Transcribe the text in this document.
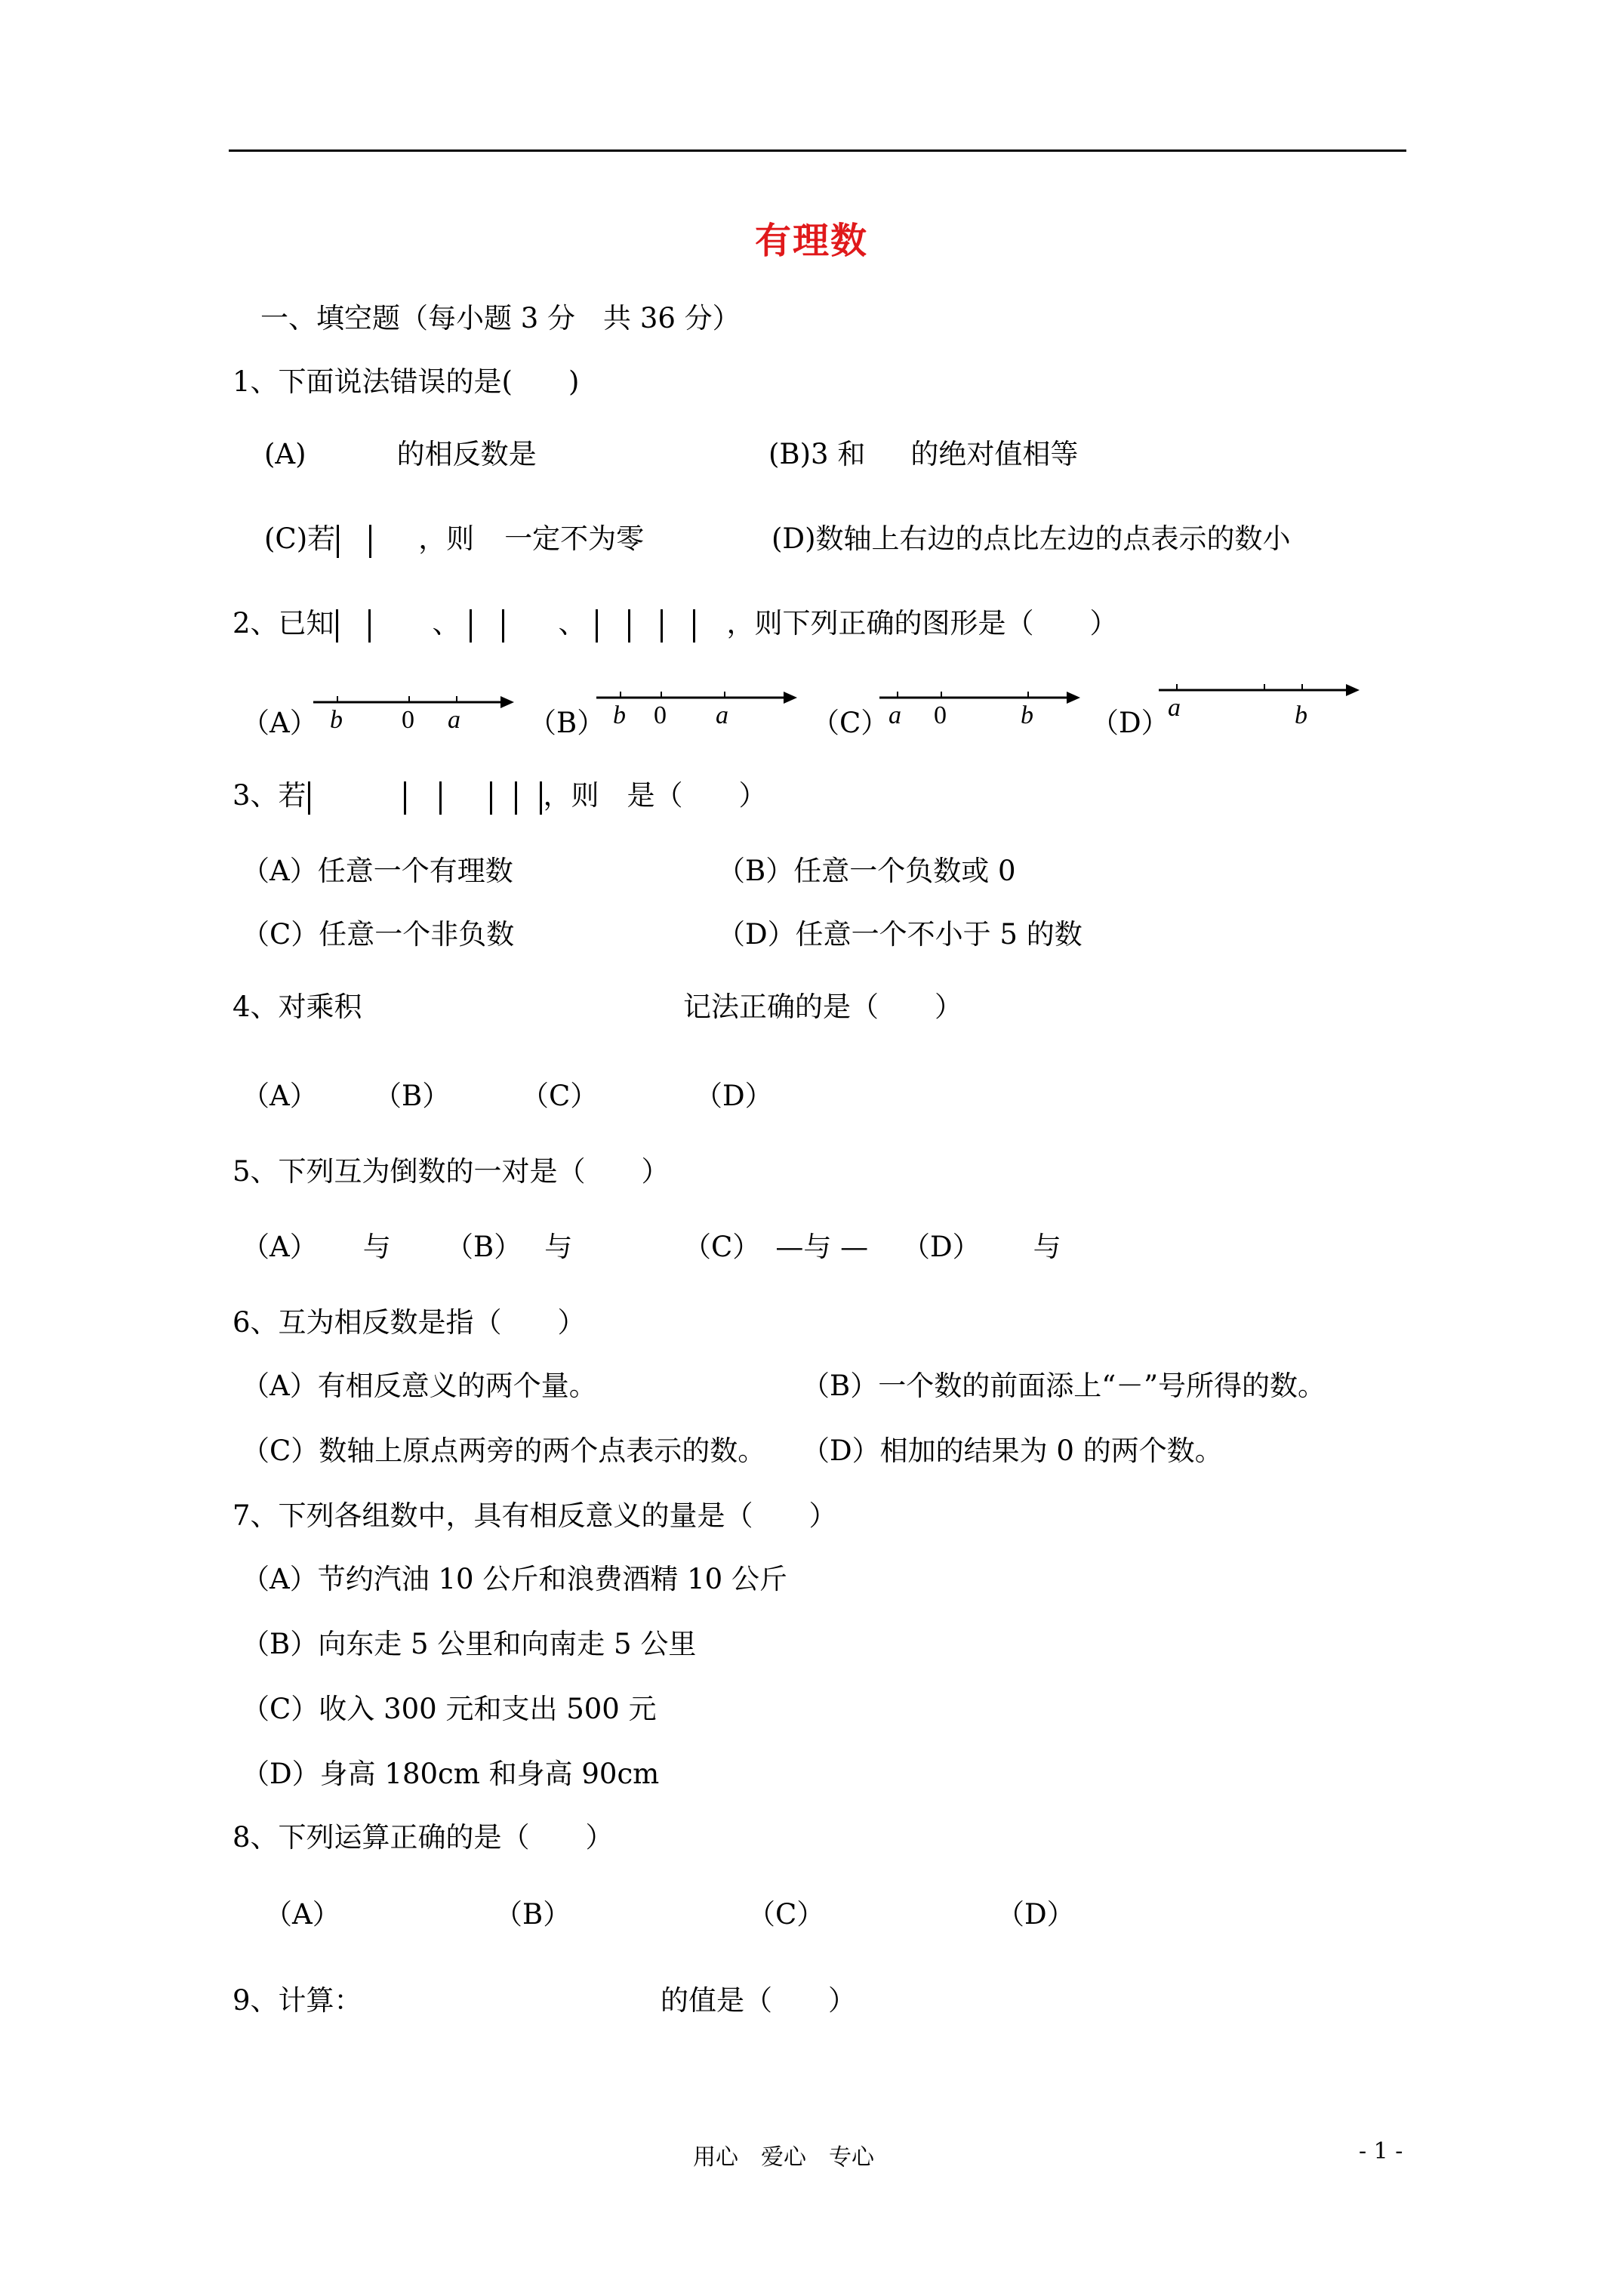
有理数
一、填空题（每小题 3 分　共 36 分）
1、下面说法错误的是(　　)
(A)	的相反数是	(B)3 和 的绝对值相等
(C)若	，则 一定不为零	(D)数轴上右边的点比左边的点表示的数小
2、已知	、	、	，则下列正确的图形是（　　）
（A） b 0 a （B） b 0 a	（C） a 0	b （D）
a	b
3、若	，则　是（　　）
（A）任意一个有理数	（B）任意一个负数或 0
（C）任意一个非负数	（D）任意一个不小于 5 的数
4、对乘积	记法正确的是（　　）
（A） （B）	（C）	（D）
5、下列互为倒数的一对是（　　）
（A） 与 （B） 与	（C） —与 — （D） 与
6、互为相反数是指（　　）
（A）有相反意义的两个量。	（B）一个数的前面添上“－”号所得的数。
（C）数轴上原点两旁的两个点表示的数。 （D）相加的结果为 0 的两个数。
7、下列各组数中，具有相反意义的量是（　　）
（A）节约汽油 10 公斤和浪费酒精 10 公斤
（B）向东走 5 公里和向南走 5 公里
（C）收入 300 元和支出 500 元
（D）身高 180cm 和身高 90cm
8、下列运算正确的是（　　）
（A）	（B）	（C）	（D）
9、计算：	的值是（　　）
用心　爱心　专心	- 1 -
